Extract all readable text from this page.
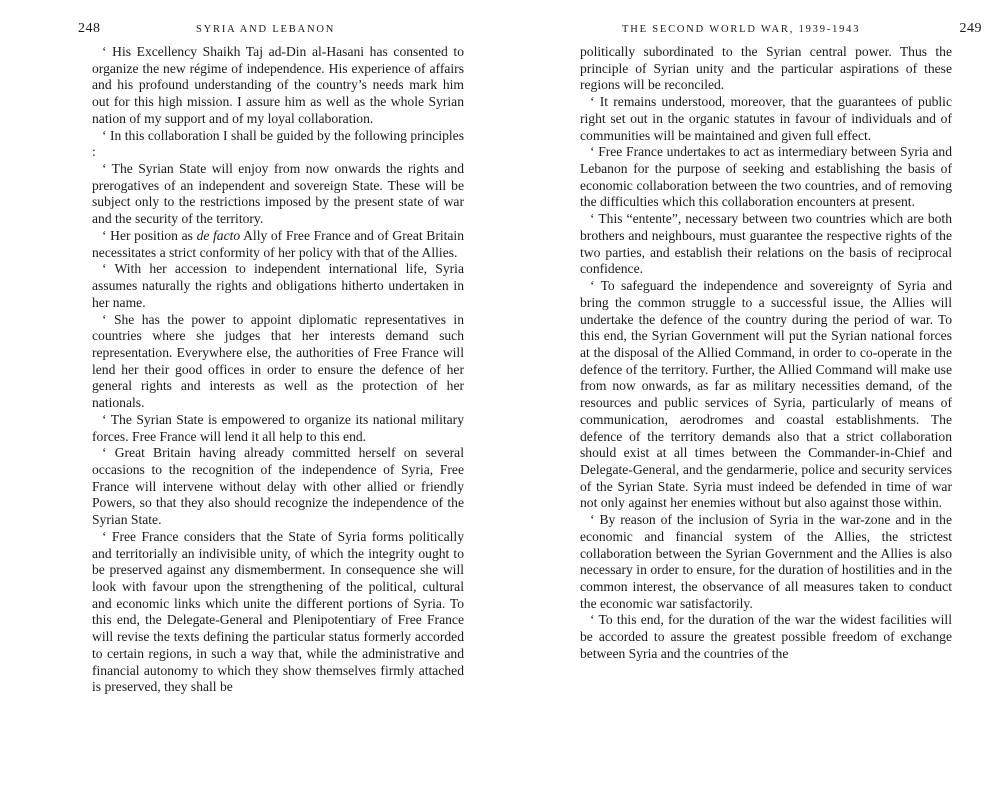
248	SYRIA AND LEBANON

‘ His Excellency Shaikh Taj ad-Din al-Hasani has consented to organize the new régime of independence. His experience of affairs and his profound understanding of the country’s needs mark him out for this high mission. I assure him as well as the whole Syrian nation of my support and of my loyal collaboration.

‘ In this collaboration I shall be guided by the following principles :

‘ The Syrian State will enjoy from now onwards the rights and prerogatives of an independent and sovereign State. These will be subject only to the restrictions imposed by the present state of war and the security of the territory.

‘ Her position as de facto Ally of Free France and of Great Britain necessitates a strict conformity of her policy with that of the Allies.

‘ With her accession to independent international life, Syria assumes naturally the rights and obligations hitherto undertaken in her name.

‘ She has the power to appoint diplomatic representatives in countries where she judges that her interests demand such representation. Everywhere else, the authorities of Free France will lend her their good offices in order to ensure the defence of her general rights and interests as well as the protection of her nationals.

‘ The Syrian State is empowered to organize its national military forces. Free France will lend it all help to this end.

‘ Great Britain having already committed herself on several occasions to the recognition of the independence of Syria, Free France will intervene without delay with other allied or friendly Powers, so that they also should recognize the independence of the Syrian State.

‘ Free France considers that the State of Syria forms politically and territorially an indivisible unity, of which the integrity ought to be preserved against any dismemberment. In consequence she will look with favour upon the strengthening of the political, cultural and economic links which unite the different portions of Syria. To this end, the Delegate-General and Plenipotentiary of Free France will revise the texts defining the particular status formerly accorded to certain regions, in such a way that, while the administrative and financial autonomy to which they show themselves firmly attached is preserved, they shall be

THE SECOND WORLD WAR, 1939-1943	249

politically subordinated to the Syrian central power. Thus the principle of Syrian unity and the particular aspirations of these regions will be reconciled.

‘ It remains understood, moreover, that the guarantees of public right set out in the organic statutes in favour of individuals and of communities will be maintained and given full effect.

‘ Free France undertakes to act as intermediary between Syria and Lebanon for the purpose of seeking and establishing the basis of economic collaboration between the two countries, and of removing the difficulties which this collaboration encounters at present.

‘ This “entente”, necessary between two countries which are both brothers and neighbours, must guarantee the respective rights of the two parties, and establish their relations on the basis of reciprocal confidence.

‘ To safeguard the independence and sovereignty of Syria and bring the common struggle to a successful issue, the Allies will undertake the defence of the country during the period of war. To this end, the Syrian Government will put the Syrian national forces at the disposal of the Allied Command, in order to co-operate in the defence of the territory. Further, the Allied Command will make use from now onwards, as far as military necessities demand, of the resources and public services of Syria, particularly of means of communication, aerodromes and coastal establishments. The defence of the territory demands also that a strict collaboration should exist at all times between the Commander-in-Chief and Delegate-General, and the gendarmerie, police and security services of the Syrian State. Syria must indeed be defended in time of war not only against her enemies without but also against those within.

‘ By reason of the inclusion of Syria in the war-zone and in the economic and financial system of the Allies, the strictest collaboration between the Syrian Government and the Allies is also necessary in order to ensure, for the duration of hostilities and in the common interest, the observance of all measures taken to conduct the economic war satisfactorily.

‘ To this end, for the duration of the war the widest facilities will be accorded to assure the greatest possible freedom of exchange between Syria and the countries of the
